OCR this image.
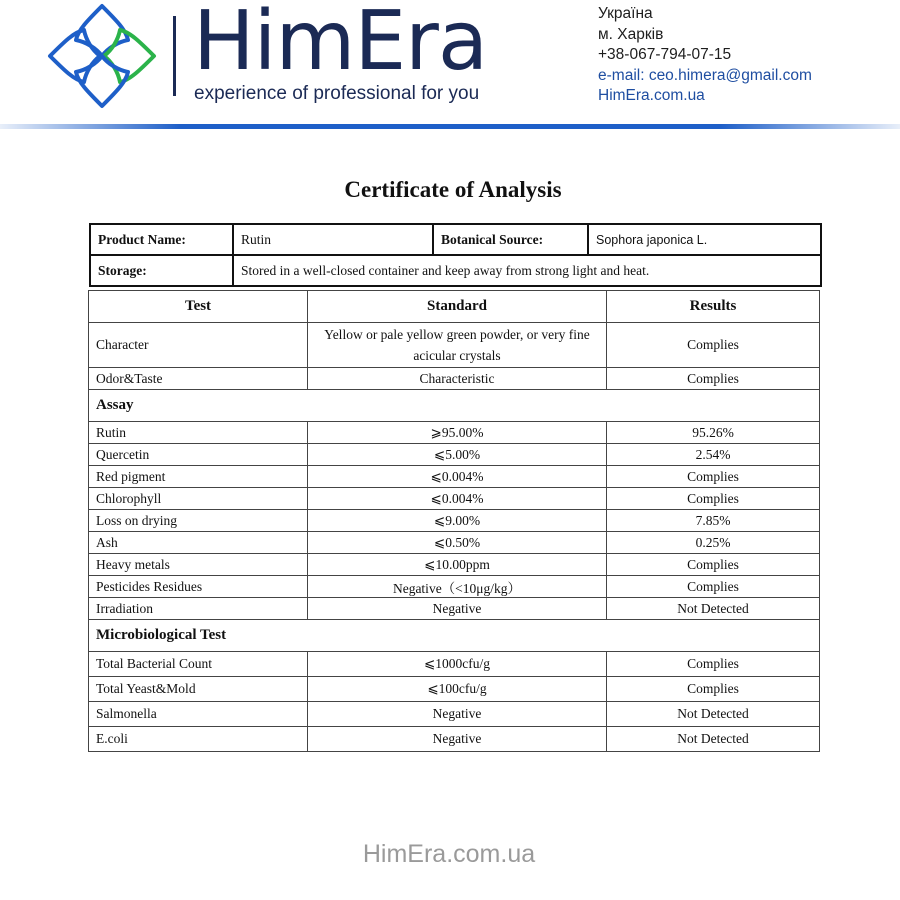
HimEra
experience of professional for you
Україна
м. Харків
+38-067-794-07-15
e-mail: ceo.himera@gmail.com
HimEra.com.ua
Certificate of Analysis
Product Name:	Rutin	Botanical Source:	Sophora japonica L.
Storage:	Stored in a well-closed container and keep away from strong light and heat.		
Test	Standard	Results
Character	Yellow or pale yellow green powder, or very fine acicular crystals	Complies
Odor&Taste	Characteristic	Complies
Assay		
Rutin	⩾95.00%	95.26%
Quercetin	⩽5.00%	2.54%
Red pigment	⩽0.004%	Complies
Chlorophyll	⩽0.004%	Complies
Loss on drying	⩽9.00%	7.85%
Ash	⩽0.50%	0.25%
Heavy metals	⩽10.00ppm	Complies
Pesticides Residues	Negative（<10μg/kg）	Complies
Irradiation	Negative	Not Detected
Microbiological Test		
Total Bacterial Count	⩽1000cfu/g	Complies
Total Yeast&Mold	⩽100cfu/g	Complies
Salmonella	Negative	Not Detected
E.coli	Negative	Not Detected
HimEra.com.ua
